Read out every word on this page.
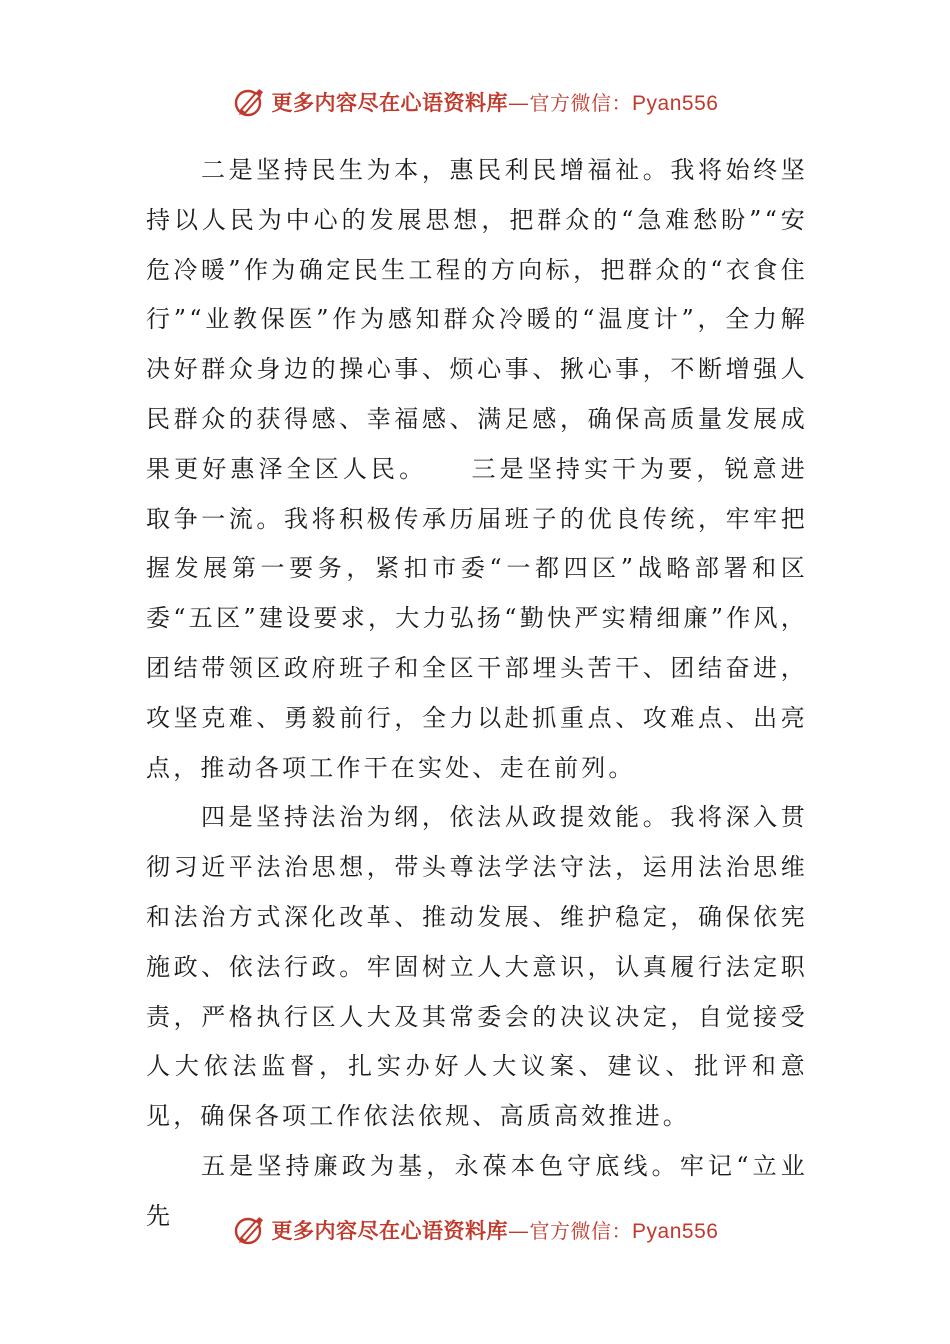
更多内容尽在心语资料库—官方微信：Pyan556

二是坚持民生为本，惠民利民增福祉。我将始终坚持以人民为中心的发展思想，把群众的“急难愁盼”“安危冷暖”作为确定民生工程的方向标，把群众的“衣食住行”“业教保医”作为感知群众冷暖的“温度计”，全力解决好群众身边的操心事、烦心事、揪心事，不断增强人民群众的获得感、幸福感、满足感，确保高质量发展成果更好惠泽全区人民。　　三是坚持实干为要，锐意进取争一流。我将积极传承历届班子的优良传统，牢牢把握发展第一要务，紧扣市委“一都四区”战略部署和区委“五区”建设要求，大力弘扬“勤快严实精细廉”作风，团结带领区政府班子和全区干部埋头苦干、团结奋进，攻坚克难、勇毅前行，全力以赴抓重点、攻难点、出亮点，推动各项工作干在实处、走在前列。

四是坚持法治为纲，依法从政提效能。我将深入贯彻习近平法治思想，带头尊法学法守法，运用法治思维和法治方式深化改革、推动发展、维护稳定，确保依宪施政、依法行政。牢固树立人大意识，认真履行法定职责，严格执行区人大及其常委会的决议决定，自觉接受人大依法监督，扎实办好人大议案、建议、批评和意见，确保各项工作依法依规、高质高效推进。

五是坚持廉政为基，永葆本色守底线。牢记“立业先

更多内容尽在心语资料库—官方微信：Pyan556
